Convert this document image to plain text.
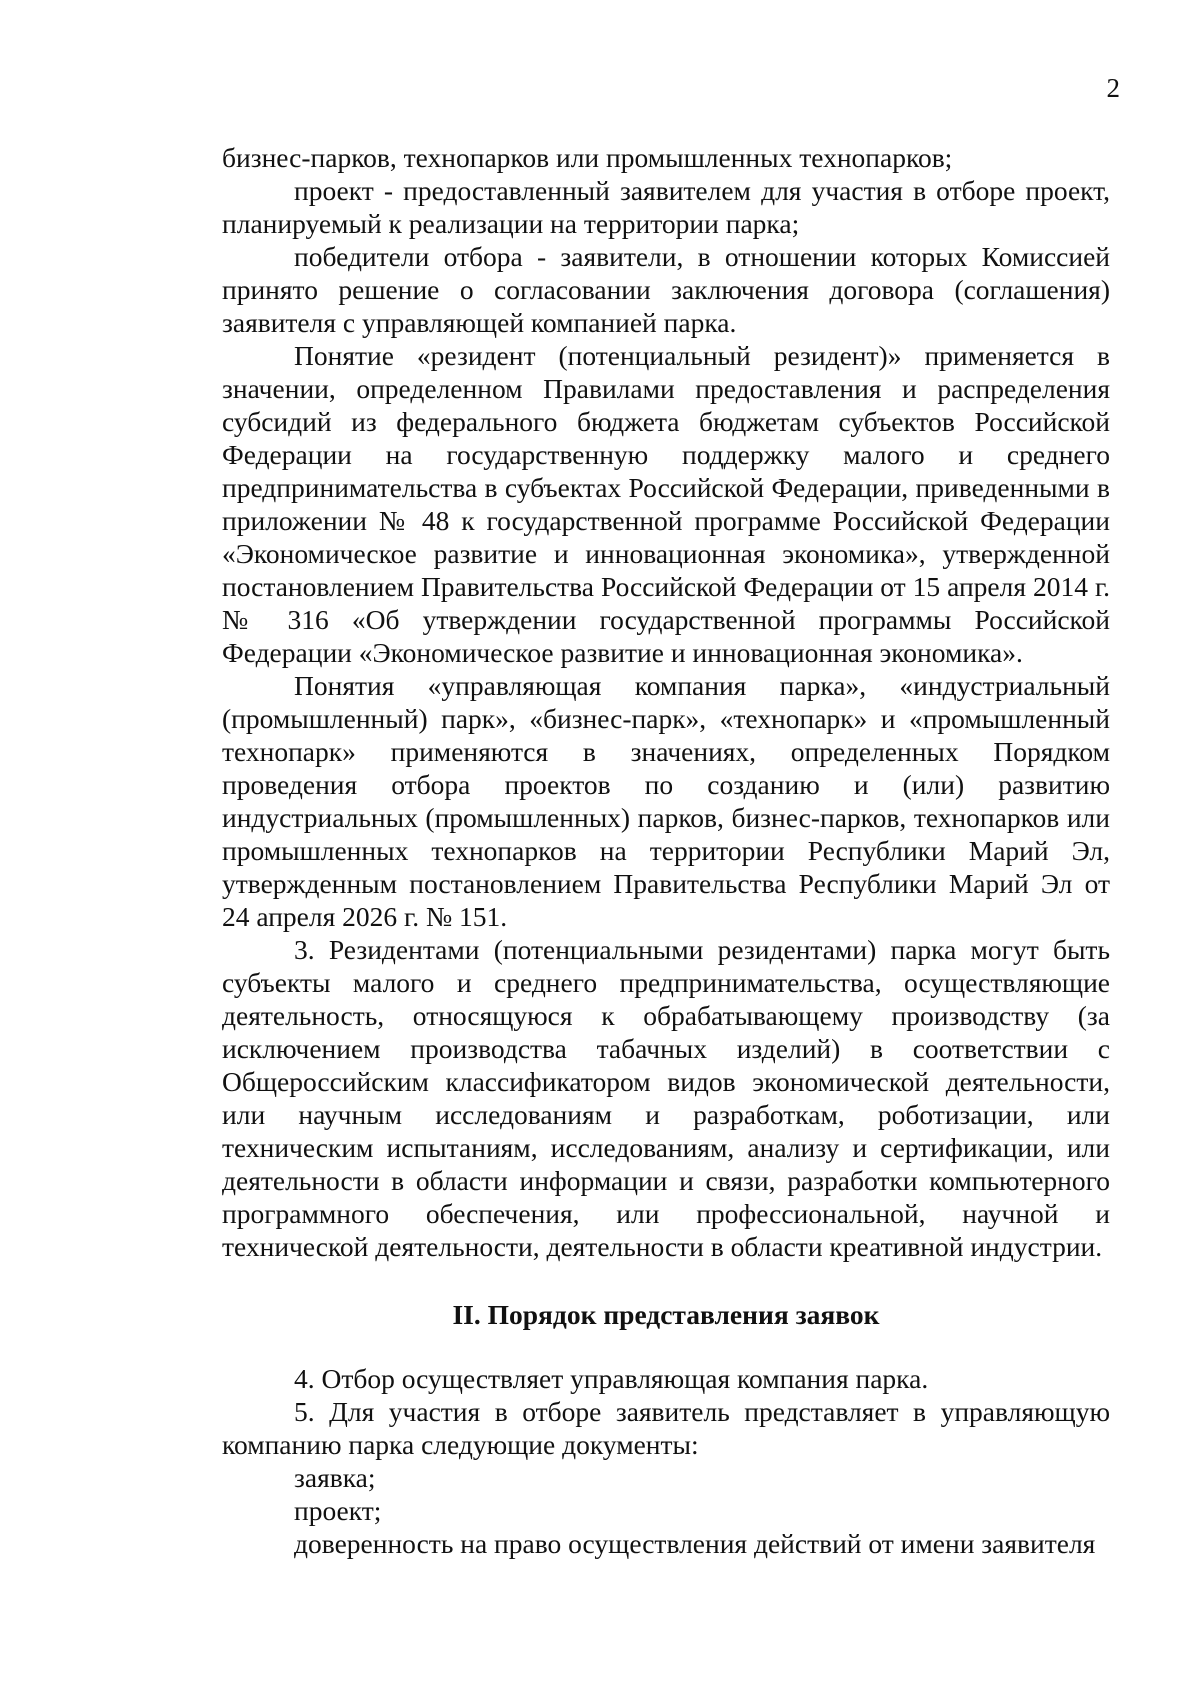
2

бизнес-парков, технопарков или промышленных технопарков;

проект - предоставленный заявителем для участия в отборе проект, планируемый к реализации на территории парка;

победители отбора - заявители, в отношении которых Комиссией принято решение о согласовании заключения договора (соглашения) заявителя с управляющей компанией парка.

Понятие «резидент (потенциальный резидент)» применяется в значении, определенном Правилами предоставления и распределения субсидий из федерального бюджета бюджетам субъектов Российской Федерации на государственную поддержку малого и среднего предпринимательства в субъектах Российской Федерации, приведенными в приложении № 48 к государственной программе Российской Федерации «Экономическое развитие и инновационная экономика», утвержденной постановлением Правительства Российской Федерации от 15 апреля 2014 г. № 316 «Об утверждении государственной программы Российской Федерации «Экономическое развитие и инновационная экономика».

Понятия «управляющая компания парка», «индустриальный (промышленный) парк», «бизнес-парк», «технопарк» и «промышленный технопарк» применяются в значениях, определенных Порядком проведения отбора проектов по созданию и (или) развитию индустриальных (промышленных) парков, бизнес-парков, технопарков или промышленных технопарков на территории Республики Марий Эл, утвержденным постановлением Правительства Республики Марий Эл от 24 апреля 2026 г. № 151.

3. Резидентами (потенциальными резидентами) парка могут быть субъекты малого и среднего предпринимательства, осуществляющие деятельность, относящуюся к обрабатывающему производству (за исключением производства табачных изделий) в соответствии с Общероссийским классификатором видов экономической деятельности, или научным исследованиям и разработкам, роботизации, или техническим испытаниям, исследованиям, анализу и сертификации, или деятельности в области информации и связи, разработки компьютерного программного обеспечения, или профессиональной, научной и технической деятельности, деятельности в области креативной индустрии.

II. Порядок представления заявок

4. Отбор осуществляет управляющая компания парка.

5. Для участия в отборе заявитель представляет в управляющую компанию парка следующие документы:

заявка;

проект;

доверенность на право осуществления действий от имени заявителя
